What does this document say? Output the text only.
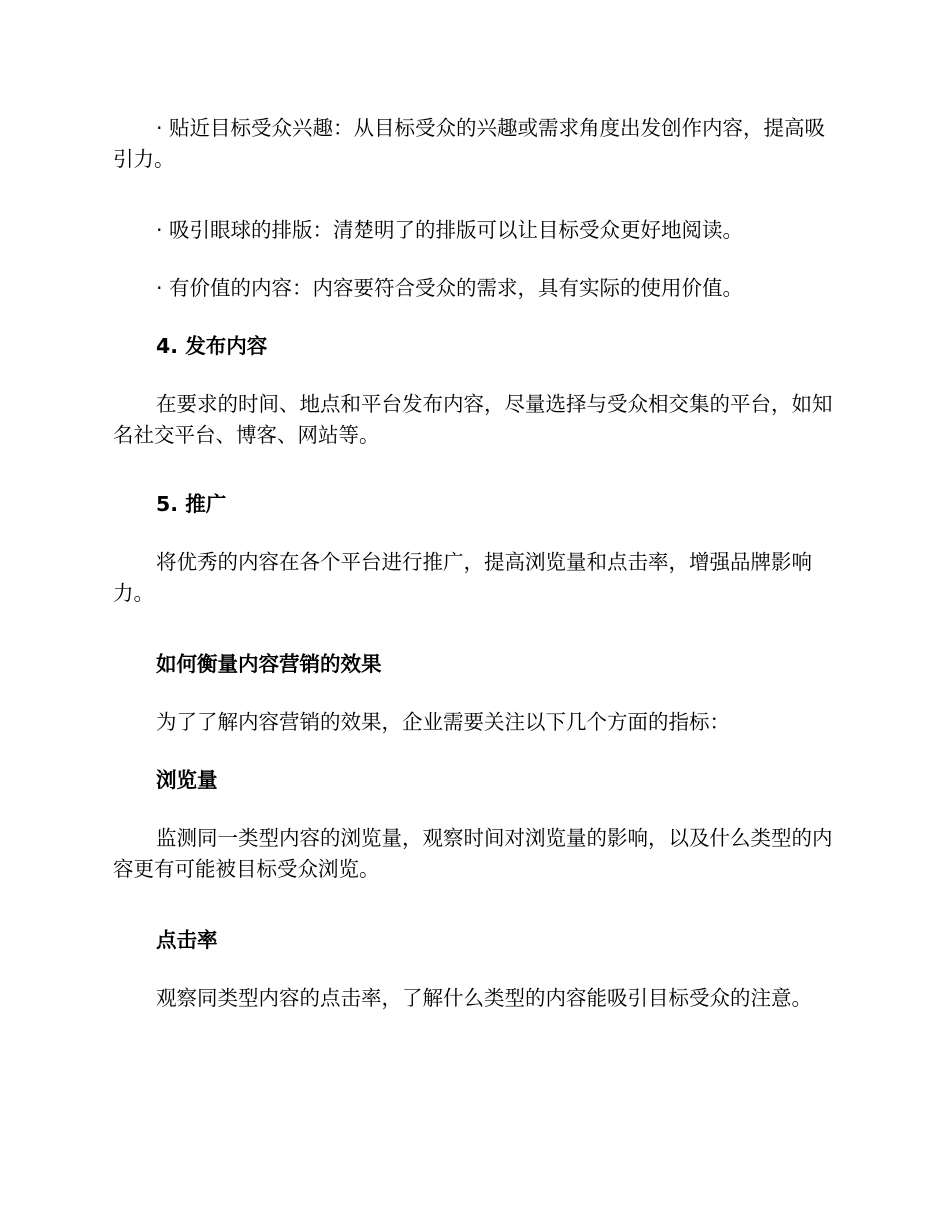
· 贴近目标受众兴趣：从目标受众的兴趣或需求角度出发创作内容，提高吸引力。

· 吸引眼球的排版：清楚明了的排版可以让目标受众更好地阅读。

· 有价值的内容：内容要符合受众的需求，具有实际的使用价值。

4. 发布内容

在要求的时间、地点和平台发布内容，尽量选择与受众相交集的平台，如知名社交平台、博客、网站等。

5. 推广

将优秀的内容在各个平台进行推广，提高浏览量和点击率，增强品牌影响力。

如何衡量内容营销的效果

为了了解内容营销的效果，企业需要关注以下几个方面的指标：

浏览量

监测同一类型内容的浏览量，观察时间对浏览量的影响，以及什么类型的内容更有可能被目标受众浏览。

点击率

观察同类型内容的点击率，了解什么类型的内容能吸引目标受众的注意。
